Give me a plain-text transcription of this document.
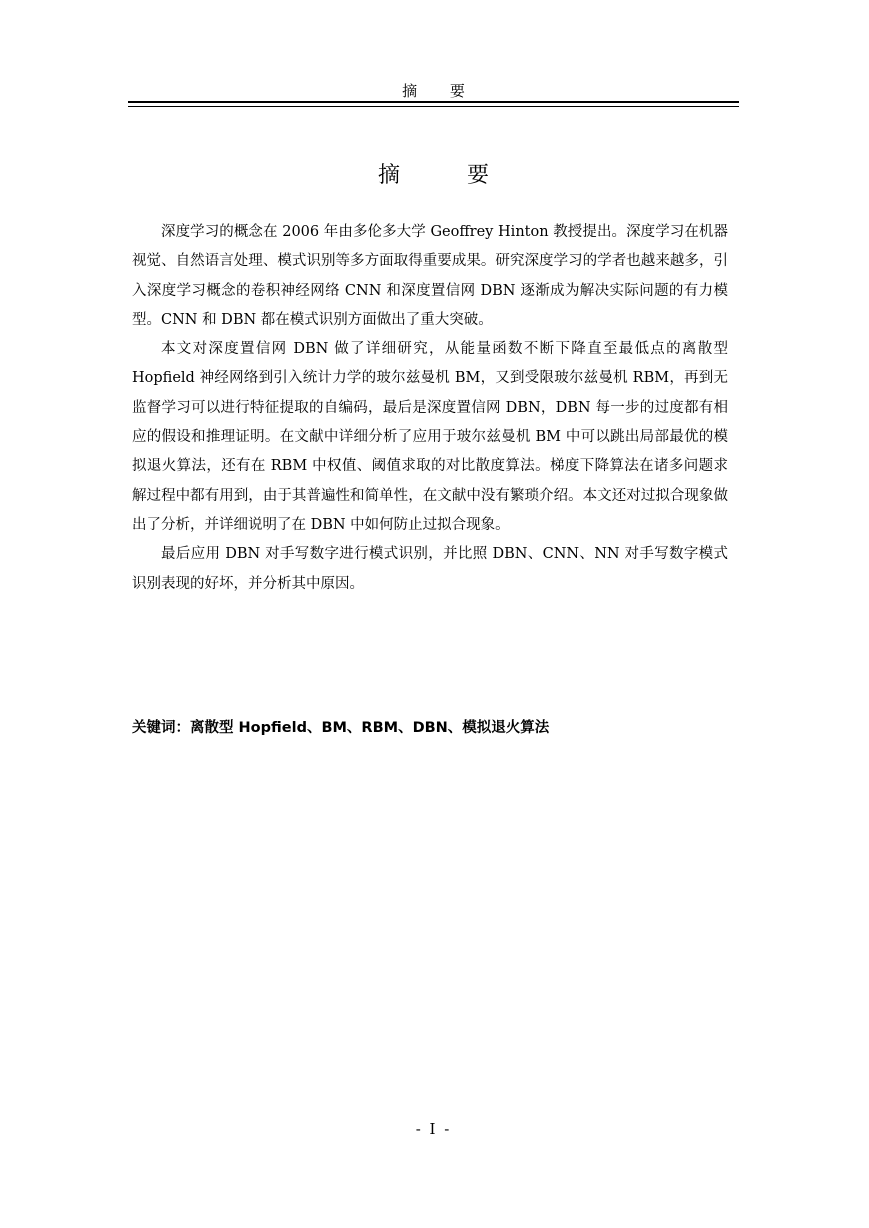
摘 要
摘 要

深度学习的概念在 2006 年由多伦多大学 Geoffrey Hinton 教授提出。深度学习在机器视觉、自然语言处理、模式识别等多方面取得重要成果。研究深度学习的学者也越来越多，引入深度学习概念的卷积神经网络 CNN 和深度置信网 DBN 逐渐成为解决实际问题的有力模型。CNN 和 DBN 都在模式识别方面做出了重大突破。

本文对深度置信网 DBN 做了详细研究，从能量函数不断下降直至最低点的离散型 Hopfield 神经网络到引入统计力学的玻尔兹曼机 BM，又到受限玻尔兹曼机 RBM，再到无监督学习可以进行特征提取的自编码，最后是深度置信网 DBN，DBN 每一步的过度都有相应的假设和推理证明。在文献中详细分析了应用于玻尔兹曼机 BM 中可以跳出局部最优的模拟退火算法，还有在 RBM 中权值、阈值求取的对比散度算法。梯度下降算法在诸多问题求解过程中都有用到，由于其普遍性和简单性，在文献中没有繁琐介绍。本文还对过拟合现象做出了分析，并详细说明了在 DBN 中如何防止过拟合现象。

最后应用 DBN 对手写数字进行模式识别，并比照 DBN、CNN、NN 对手写数字模式识别表现的好坏，并分析其中原因。

关键词：离散型 Hopfield、BM、RBM、DBN、模拟退火算法
- I -
